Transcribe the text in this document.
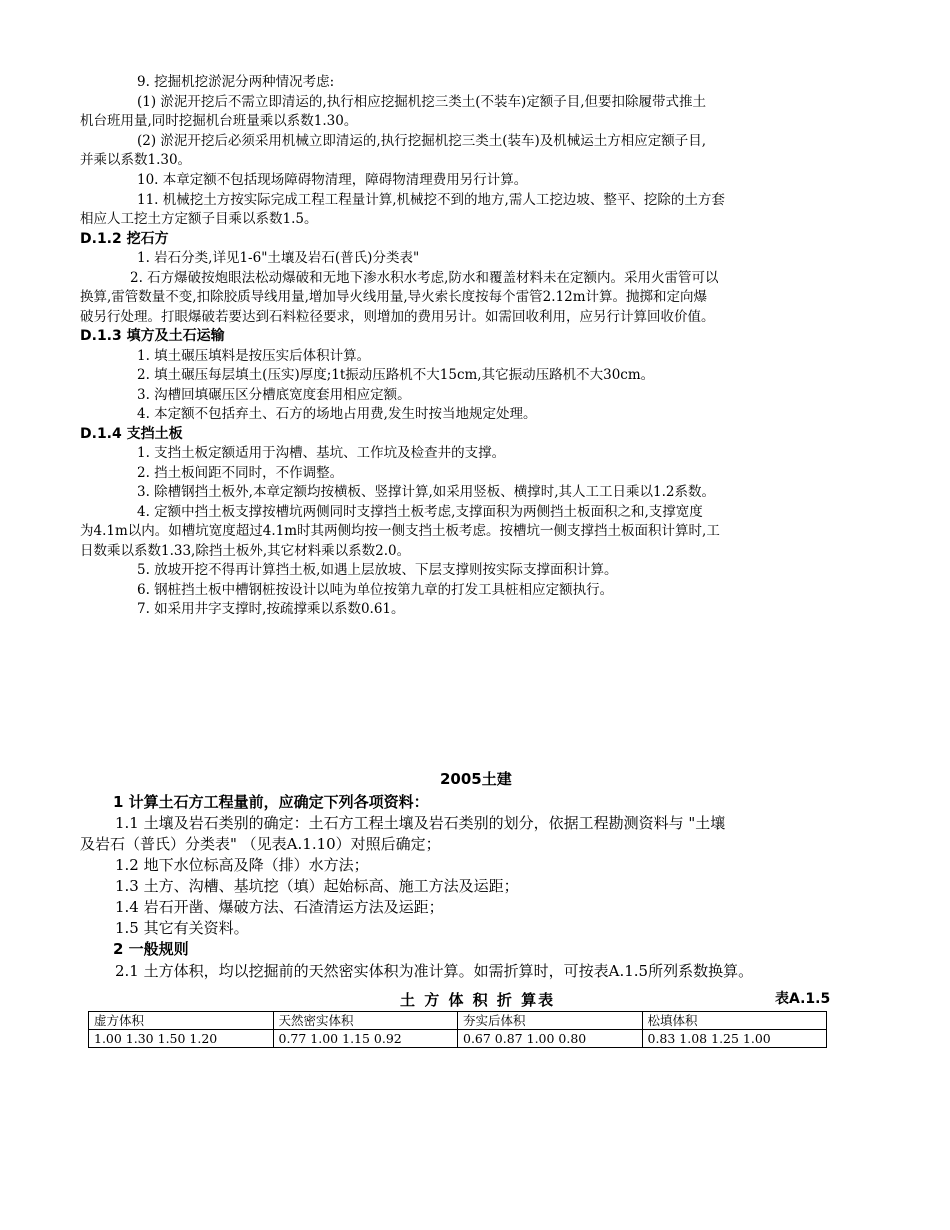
9. 挖掘机挖淤泥分两种情况考虑:
(1) 淤泥开挖后不需立即清运的,执行相应挖掘机挖三类土(不装车)定额子目,但要扣除履带式推土
机台班用量,同时挖掘机台班量乘以系数1.30。
(2) 淤泥开挖后必须采用机械立即清运的,执行挖掘机挖三类土(装车)及机械运土方相应定额子目,
并乘以系数1.30。
10. 本章定额不包括现场障碍物清理，障碍物清理费用另行计算。
11. 机械挖土方按实际完成工程工程量计算,机械挖不到的地方,需人工挖边坡、整平、挖除的土方套
相应人工挖土方定额子目乘以系数1.5。
D.1.2 挖石方
1. 岩石分类,详见1-6"土壤及岩石(普氏)分类表"
2. 石方爆破按炮眼法松动爆破和无地下渗水积水考虑,防水和覆盖材料未在定额内。采用火雷管可以
换算,雷管数量不变,扣除胶质导线用量,增加导火线用量,导火索长度按每个雷管2.12m计算。抛掷和定向爆
破另行处理。打眼爆破若要达到石料粒径要求，则增加的费用另计。如需回收利用，应另行计算回收价值。
D.1.3 填方及土石运输
1. 填土碾压填料是按压实后体积计算。
2. 填土碾压每层填土(压实)厚度;1t振动压路机不大15cm,其它振动压路机不大30cm。
3. 沟槽回填碾压区分槽底宽度套用相应定额。
4. 本定额不包括弃土、石方的场地占用费,发生时按当地规定处理。
D.1.4 支挡土板
1. 支挡土板定额适用于沟槽、基坑、工作坑及检查井的支撑。
2. 挡土板间距不同时，不作调整。
3. 除槽钢挡土板外,本章定额均按横板、竖撑计算,如采用竖板、横撑时,其人工工日乘以1.2系数。
4. 定额中挡土板支撑按槽坑两侧同时支撑挡土板考虑,支撑面积为两侧挡土板面积之和,支撑宽度
为4.1m以内。如槽坑宽度超过4.1m时其两侧均按一侧支挡土板考虑。按槽坑一侧支撑挡土板面积计算时,工
日数乘以系数1.33,除挡土板外,其它材料乘以系数2.0。
5. 放坡开挖不得再计算挡土板,如遇上层放坡、下层支撑则按实际支撑面积计算。
6. 钢桩挡土板中槽钢桩按设计以吨为单位按第九章的打发工具桩相应定额执行。
7. 如采用井字支撑时,按疏撑乘以系数0.61。
2005土建
1 计算土石方工程量前，应确定下列各项资料：
1.1 土壤及岩石类别的确定：土石方工程土壤及岩石类别的划分，依据工程勘测资料与 "土壤
及岩石（普氏）分类表" （见表A.1.10）对照后确定；
1.2 地下水位标高及降（排）水方法；
1.3 土方、沟槽、基坑挖（填）起始标高、施工方法及运距；
1.4 岩石开凿、爆破方法、石渣清运方法及运距；
1.5 其它有关资料。
2 一般规则
2.1 土方体积，均以挖掘前的天然密实体积为准计算。如需折算时，可按表A.1.5所列系数换算。
土 方 体 积 折 算表	表A.1.5
虚方体积	天然密实体积	夯实后体积	松填体积
1.00 1.30 1.50 1.20	0.77 1.00 1.15 0.92	0.67 0.87 1.00 0.80	0.83 1.08 1.25 1.00
